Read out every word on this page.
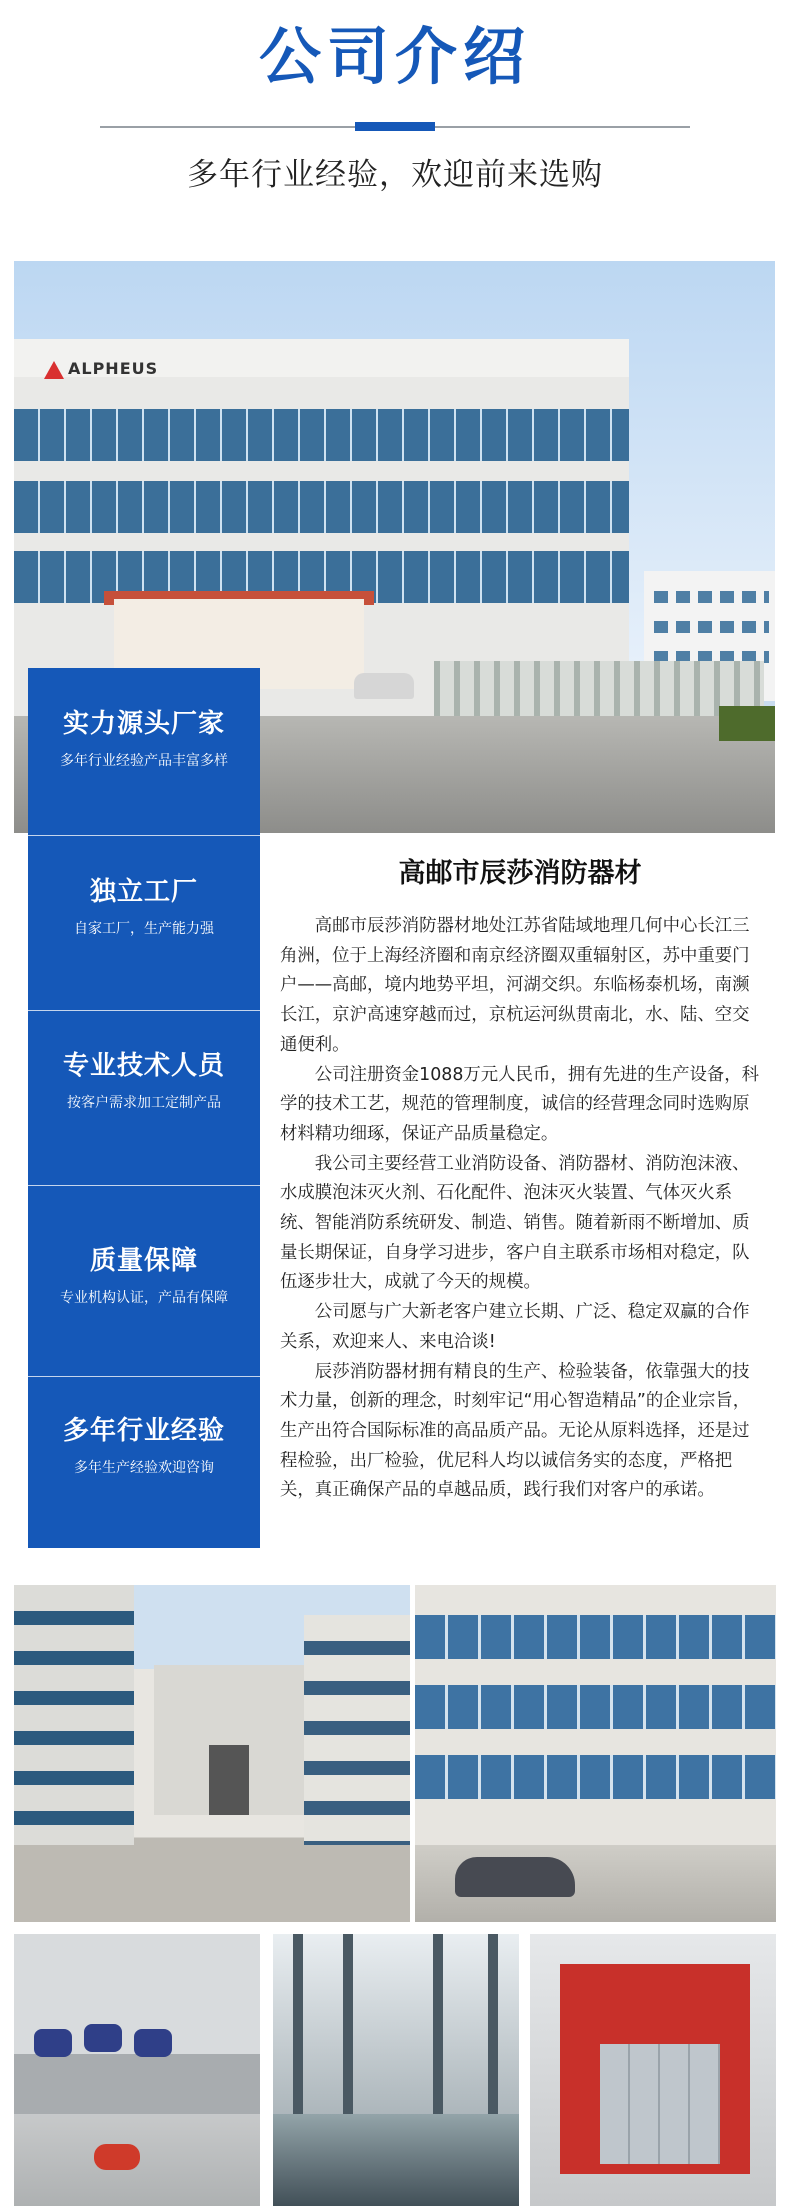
公司介绍
多年行业经验，欢迎前来选购
ALPHEUS
实力源头厂家
多年行业经验产品丰富多样
独立工厂
自家工厂，生产能力强
专业技术人员
按客户需求加工定制产品
质量保障
专业机构认证，产品有保障
多年行业经验
多年生产经验欢迎咨询
高邮市辰莎消防器材

高邮市辰莎消防器材地处江苏省陆域地理几何中心长江三角洲，位于上海经济圈和南京经济圈双重辐射区，苏中重要门户——高邮，境内地势平坦，河湖交织。东临杨泰机场，南濒长江，京沪高速穿越而过，京杭运河纵贯南北，水、陆、空交通便利。

公司注册资金1088万元人民币，拥有先进的生产设备，科学的技术工艺，规范的管理制度，诚信的经营理念同时选购原材料精功细琢，保证产品质量稳定。

我公司主要经营工业消防设备、消防器材、消防泡沫液、水成膜泡沫灭火剂、石化配件、泡沫灭火装置、气体灭火系统、智能消防系统研发、制造、销售。随着新雨不断增加、质量长期保证，自身学习进步，客户自主联系市场相对稳定，队伍逐步壮大，成就了今天的规模。

公司愿与广大新老客户建立长期、广泛、稳定双赢的合作关系，欢迎来人、来电洽谈!

辰莎消防器材拥有精良的生产、检验装备，依靠强大的技术力量，创新的理念，时刻牢记“用心智造精品”的企业宗旨，生产出符合国际标准的高品质产品。无论从原料选择，还是过程检验，出厂检验，优尼科人均以诚信务实的态度，严格把关，真正确保产品的卓越品质，践行我们对客户的承诺。
